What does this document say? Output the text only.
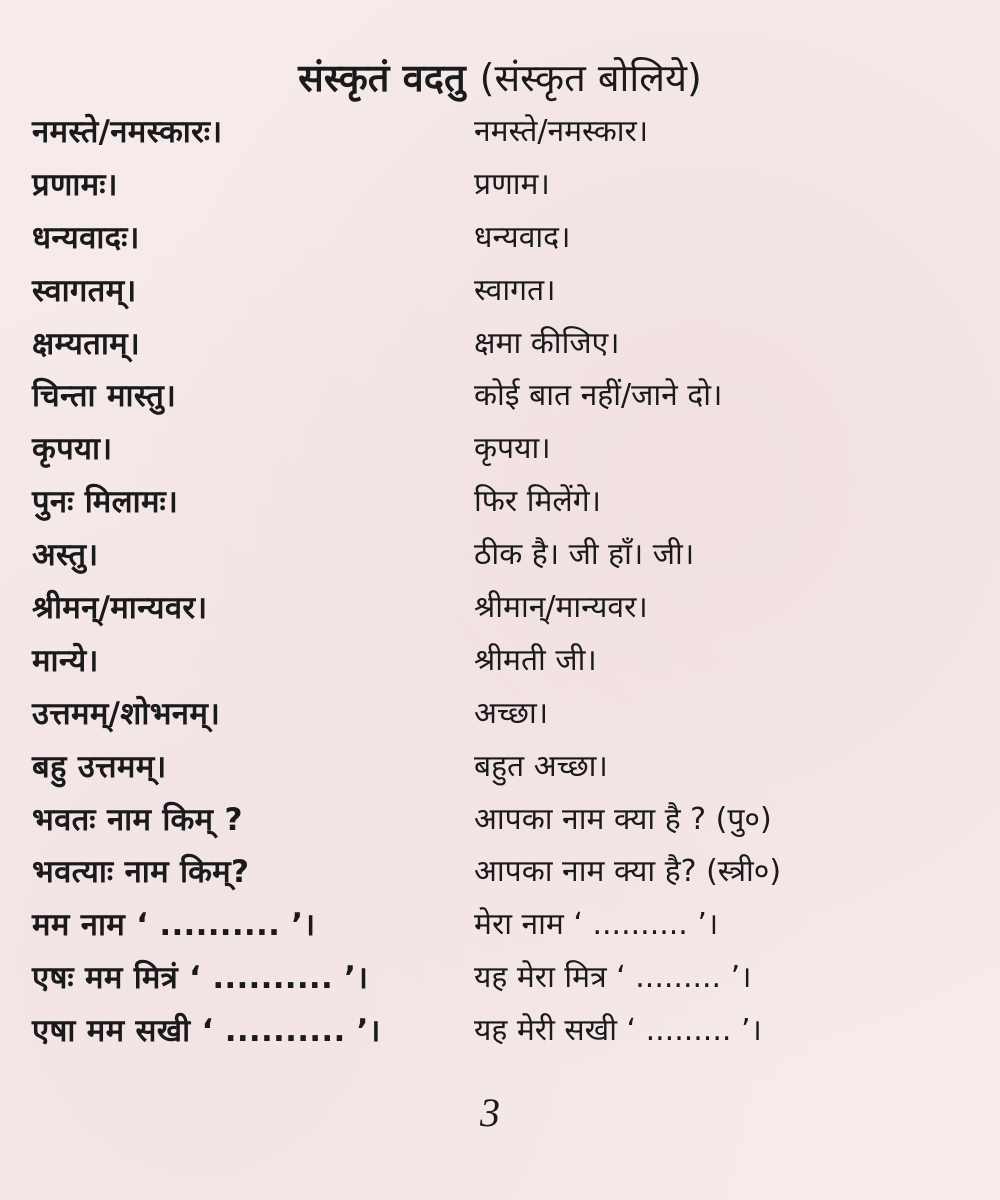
संस्कृतं वदतु (संस्कृत बोलिये)
नमस्ते/नमस्कारः।	नमस्ते/नमस्कार।
प्रणामः।	प्रणाम।
धन्यवादः।	धन्यवाद।
स्वागतम्।	स्वागत।
क्षम्यताम्।	क्षमा कीजिए।
चिन्ता मास्तु।	कोई बात नहीं/जाने दो।
कृपया।	कृपया।
पुनः मिलामः।	फिर मिलेंगे।
अस्तु।	ठीक है। जी हाँ। जी।
श्रीमन्/मान्यवर।	श्रीमान्/मान्यवर।
मान्ये।	श्रीमती जी।
उत्तमम्/शोभनम्।	अच्छा।
बहु उत्तमम्।	बहुत अच्छा।
भवतः नाम किम् ?	आपका नाम क्या है ? (पु०)
भवत्याः नाम किम्?	आपका नाम क्या है? (स्त्री०)
मम नाम ‘ .......... ’।	मेरा नाम ‘ .......... ’।
एषः मम मित्रं ‘ .......... ’।	यह मेरा मित्र ‘ ......... ’।
एषा मम सखी ‘ .......... ’।	यह मेरी सखी ‘ ......... ’।
3
